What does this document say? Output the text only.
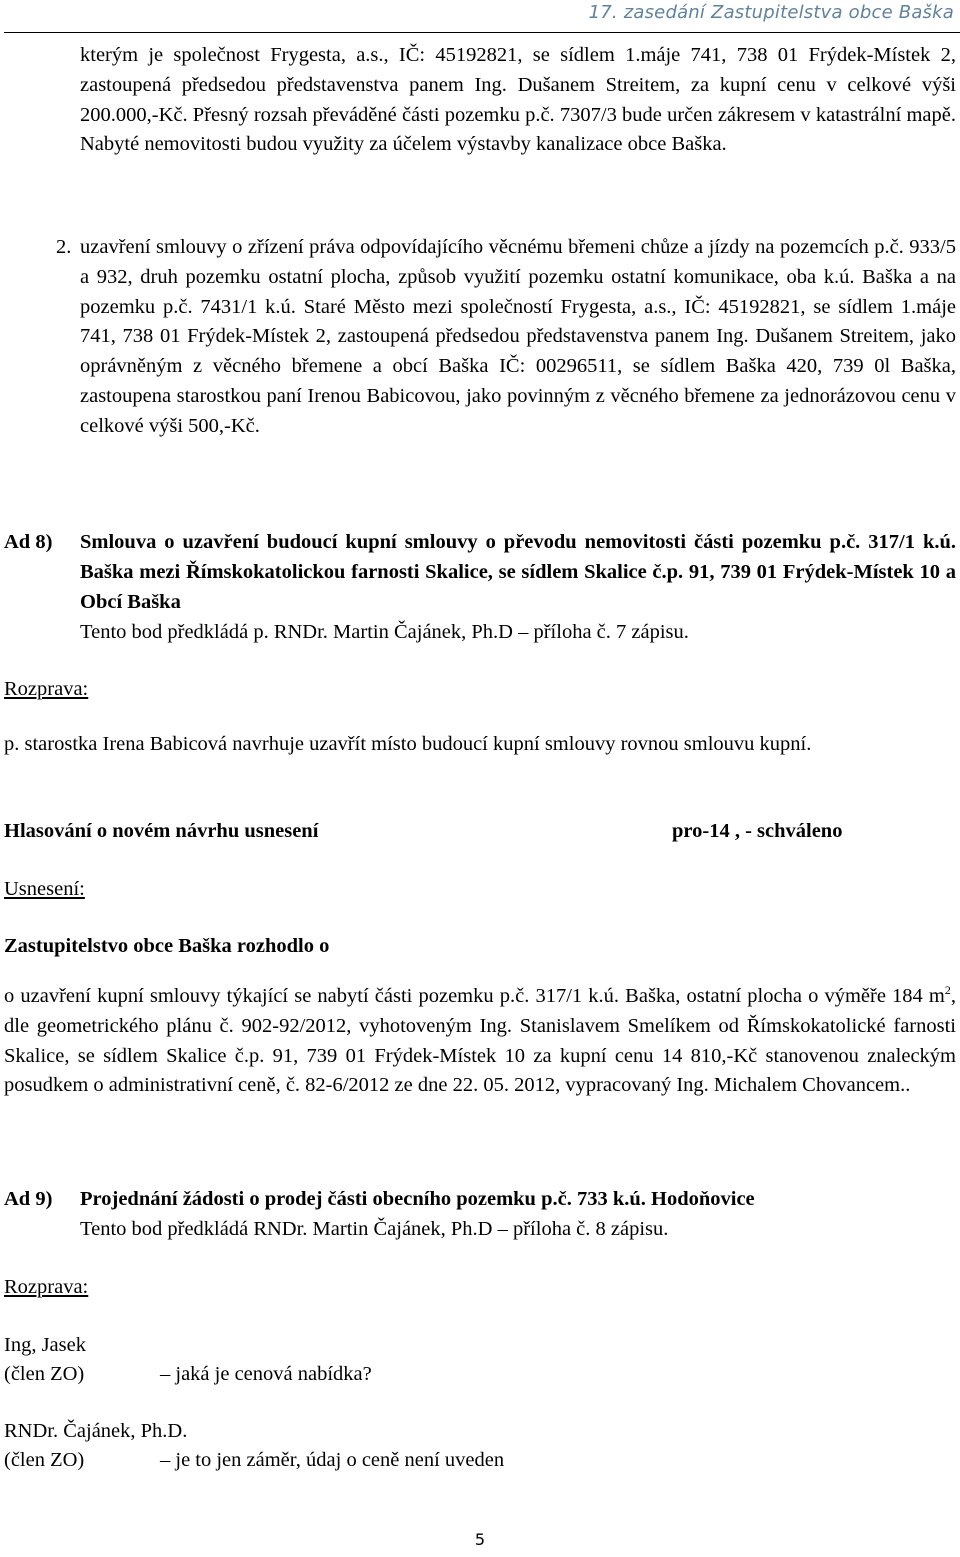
17. zasedání Zastupitelstva obce Baška
kterým je společnost Frygesta, a.s., IČ: 45192821, se sídlem 1.máje 741, 738 01 Frýdek-Místek 2, zastoupená předsedou představenstva panem Ing. Dušanem Streitem, za kupní cenu v celkové výši 200.000,-Kč. Přesný rozsah převáděné části pozemku p.č. 7307/3 bude určen zákresem v katastrální mapě. Nabyté nemovitosti budou využity za účelem výstavby kanalizace obce Baška.
2. uzavření smlouvy o zřízení práva odpovídajícího věcnému břemeni chůze a jízdy na pozemcích p.č. 933/5 a 932, druh pozemku ostatní plocha, způsob využití pozemku ostatní komunikace, oba k.ú. Baška a na pozemku p.č. 7431/1 k.ú. Staré Město mezi společností Frygesta, a.s., IČ: 45192821, se sídlem 1.máje 741, 738 01 Frýdek-Místek 2, zastoupená předsedou představenstva panem Ing. Dušanem Streitem, jako oprávněným z věcného břemene a obcí Baška IČ: 00296511, se sídlem Baška 420, 739 0l Baška, zastoupena starostkou paní Irenou Babicovou, jako povinným z věcného břemene za jednorázovou cenu v celkové výši 500,-Kč.
Ad 8) Smlouva o uzavření budoucí kupní smlouvy o převodu nemovitosti části pozemku p.č. 317/1 k.ú. Baška mezi Římskokatolickou farnosti Skalice, se sídlem Skalice č.p. 91, 739 01 Frýdek-Místek 10 a Obcí Baška
Tento bod předkládá p. RNDr. Martin Čajánek, Ph.D – příloha č. 7 zápisu.
Rozprava:
p. starostka Irena Babicová navrhuje uzavřít místo budoucí kupní smlouvy rovnou smlouvu kupní.
Hlasování o novém návrhu usnesení	pro-14 , - schváleno
Usnesení:
Zastupitelstvo obce Baška rozhodlo o
o uzavření kupní smlouvy týkající se nabytí části pozemku p.č. 317/1 k.ú. Baška, ostatní plocha o výměře 184 $m^2$, dle geometrického plánu č. 902-92/2012, vyhotoveným Ing. Stanislavem Smelíkem od Římskokatolické farnosti Skalice, se sídlem Skalice č.p. 91, 739 01 Frýdek-Místek 10 za kupní cenu 14 810,-Kč stanovenou znaleckým posudkem o administrativní ceně, č. 82-6/2012 ze dne 22. 05. 2012, vypracovaný Ing. Michalem Chovancem..
Ad 9) Projednání žádosti o prodej části obecního pozemku p.č. 733 k.ú. Hodoňovice
Tento bod předkládá RNDr. Martin Čajánek, Ph.D – příloha č. 8 zápisu.
Rozprava:
Ing, Jasek
(člen ZO)	– jaká je cenová nabídka?
RNDr. Čajánek, Ph.D.
(člen ZO)	– je to jen záměr, údaj o ceně není uveden
5
